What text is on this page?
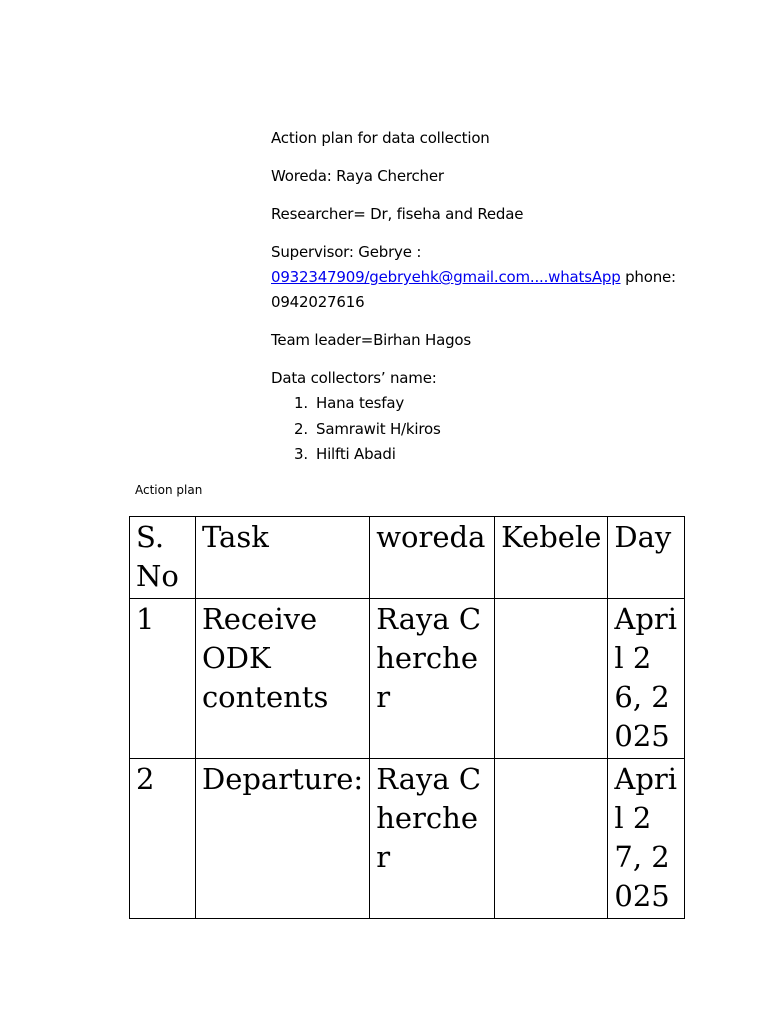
Action plan for data collection

Woreda: Raya Chercher

Researcher= Dr, fiseha and Redae

Supervisor: Gebrye :
0932347909/gebryehk@gmail.com....whatsApp phone: 0942027616

Team leader=Birhan Hagos

Data collectors’ name:

1. Hana tesfay
2. Samrawit H/kiros
3. Hilfti Abadi
Action plan
S.No	Task	woreda	Kebele	Day
1	Receive ODK contents	Raya Chercher		April 26, 2025
2	Departure:	Raya Chercher		April 27, 2025
